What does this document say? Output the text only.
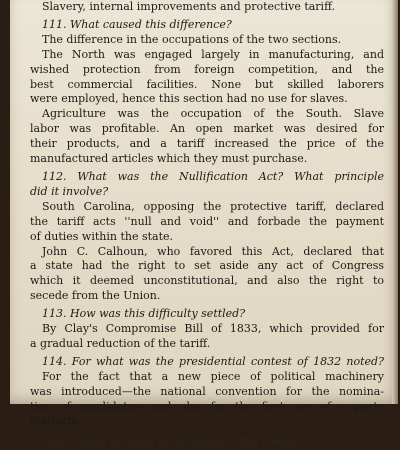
Slavery, internal improvements and protective tariff.
111. What caused this difference?
The difference in the occupations of the two sections.
The North was engaged largely in manufacturing, and
wished protection from foreign competition, and the
best commercial facilities. None but skilled laborers
were employed, hence this section had no use for slaves.
Agriculture was the occupation of the South. Slave
labor was profitable. An open market was desired for
their products, and a tariff increased the price of the
manufactured articles which they must purchase.
112. What was the Nullification Act? What principle
did it involve?
South Carolina, opposing the protective tariff, declared
the tariff acts ''null and void'' and forbade the payment
of duties within the state.
John C. Calhoun, who favored this Act, declared that
a state had the right to set aside any act of Congress
which it deemed unconstitutional, and also the right to
secede from the Union.
113. How was this difficulty settled?
By Clay's Compromise Bill of 1833, which provided for
a gradual reduction of the tariff.
114. For what was the presidential contest of 1832 noted?
For the fact that a new piece of political machinery
was introduced—the national convention for the nomina-
tion of candidates—and also for the first use of a party
platform.
Give a brief account of the Bank of the United
